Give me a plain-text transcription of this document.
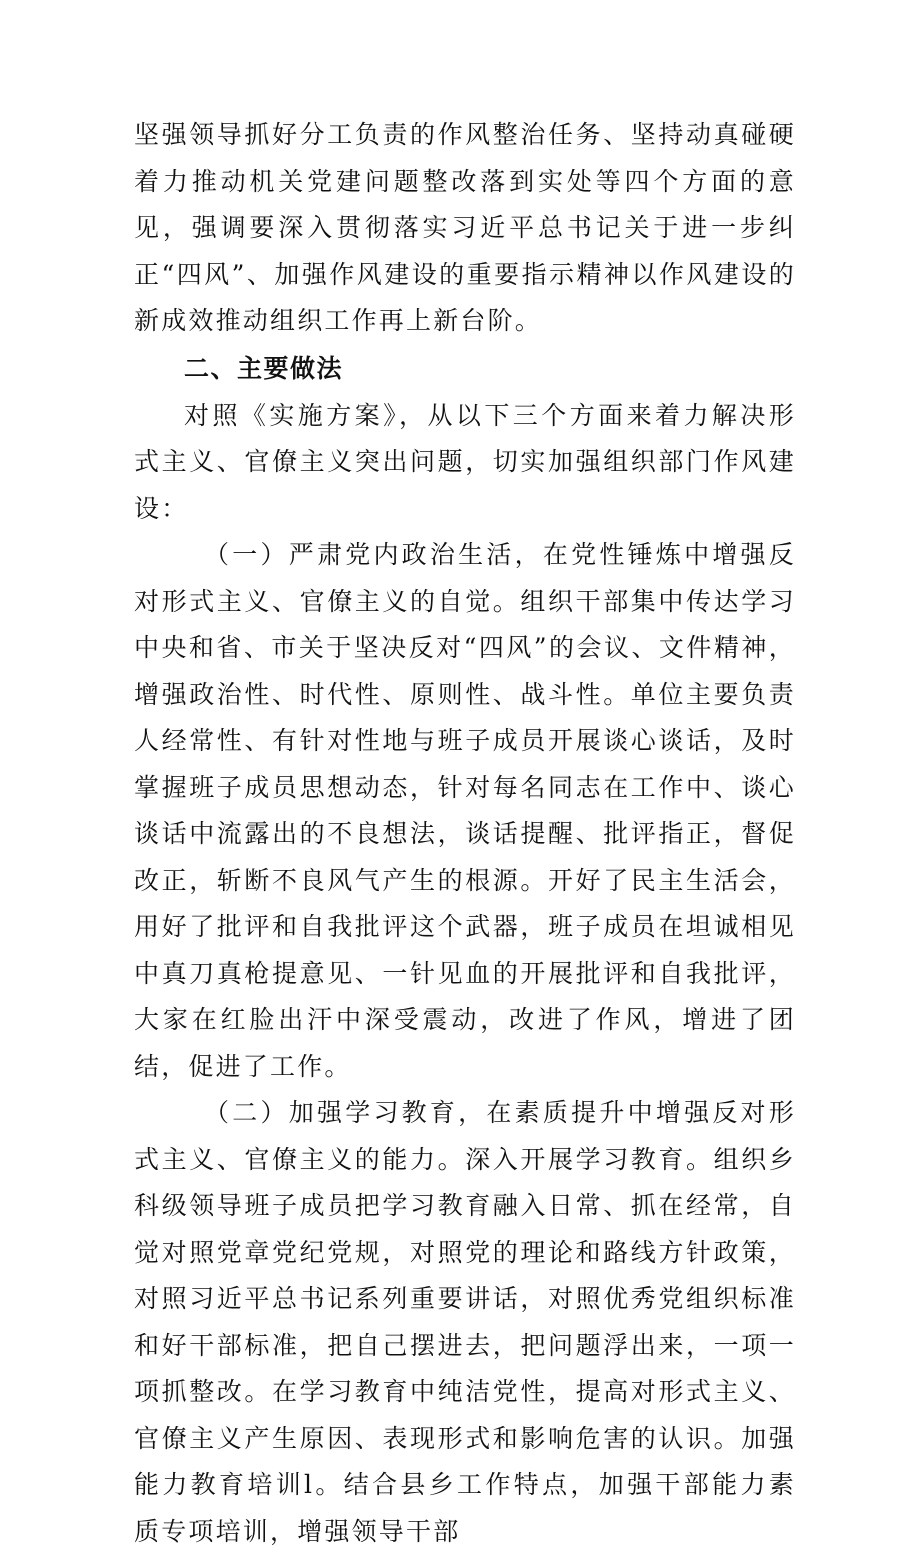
坚强领导抓好分工负责的作风整治任务、坚持动真碰硬着力推动机关党建问题整改落到实处等四个方面的意见，强调要深入贯彻落实习近平总书记关于进一步纠正“四风”、加强作风建设的重要指示精神以作风建设的新成效推动组织工作再上新台阶。

二、主要做法

对照《实施方案》，从以下三个方面来着力解决形式主义、官僚主义突出问题，切实加强组织部门作风建设：

（一）严肃党内政治生活，在党性锤炼中增强反对形式主义、官僚主义的自觉。组织干部集中传达学习中央和省、市关于坚决反对“四风”的会议、文件精神，增强政治性、时代性、原则性、战斗性。单位主要负责人经常性、有针对性地与班子成员开展谈心谈话，及时掌握班子成员思想动态，针对每名同志在工作中、谈心谈话中流露出的不良想法，谈话提醒、批评指正，督促改正，斩断不良风气产生的根源。开好了民主生活会，用好了批评和自我批评这个武器，班子成员在坦诚相见中真刀真枪提意见、一针见血的开展批评和自我批评，大家在红脸出汗中深受震动，改进了作风，增进了团结，促进了工作。

（二）加强学习教育，在素质提升中增强反对形式主义、官僚主义的能力。深入开展学习教育。组织乡科级领导班子成员把学习教育融入日常、抓在经常，自觉对照党章党纪党规，对照党的理论和路线方针政策，对照习近平总书记系列重要讲话，对照优秀党组织标准和好干部标准，把自己摆进去，把问题浮出来，一项一项抓整改。在学习教育中纯洁党性，提高对形式主义、官僚主义产生原因、表现形式和影响危害的认识。加强能力教育培训l。结合县乡工作特点，加强干部能力素质专项培训，增强领导干部
